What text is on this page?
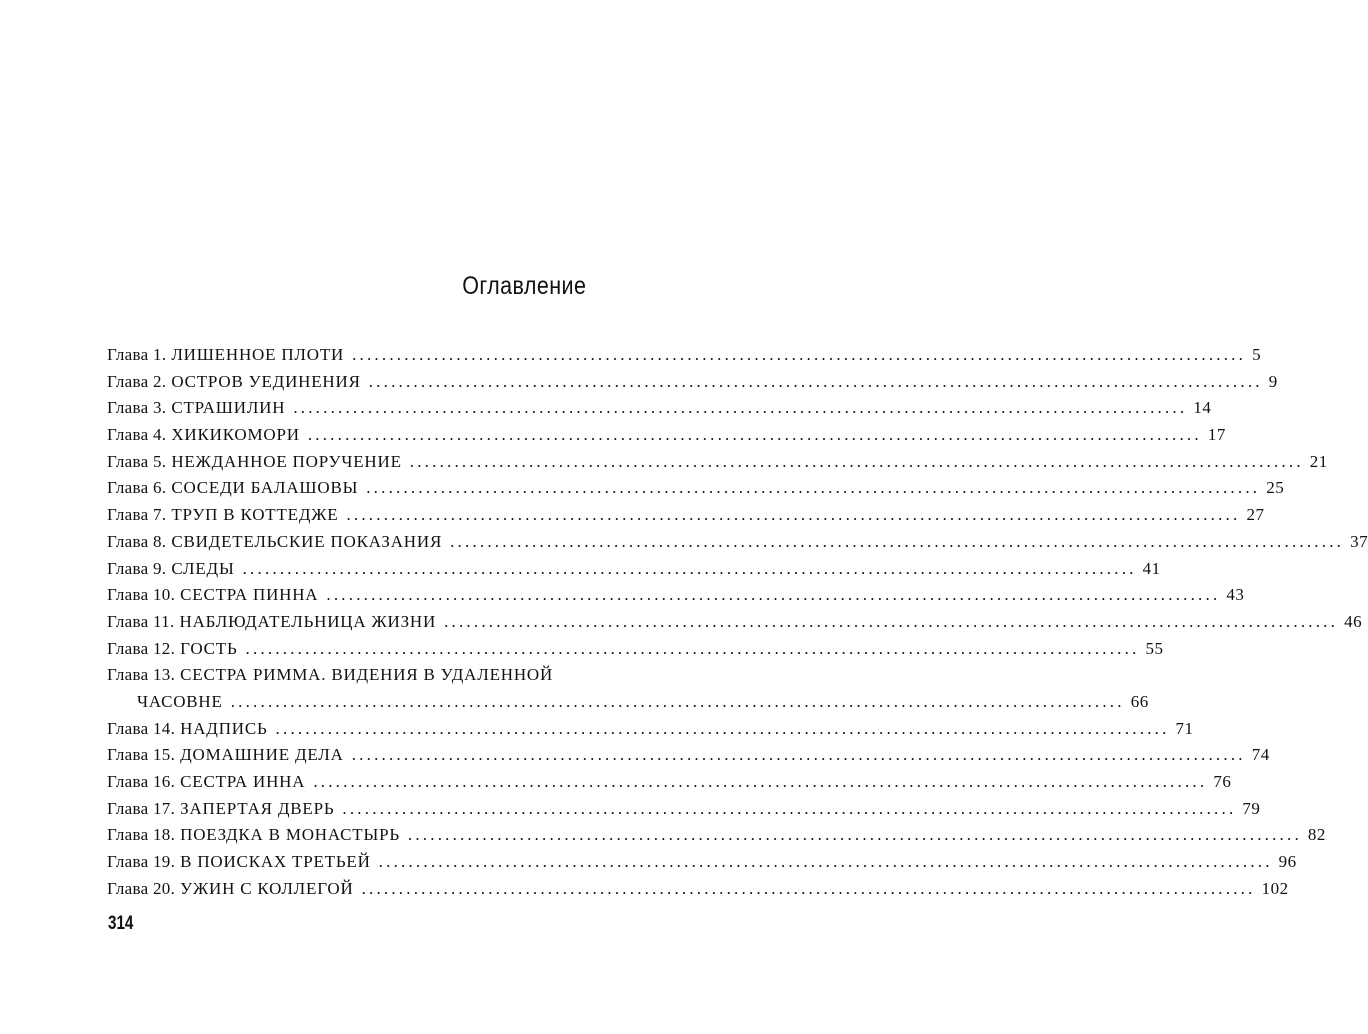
Оглавление
Глава 1. ЛИШЕННОЕ ПЛОТИ ........................................................................................................................ 5
Глава 2. ОСТРОВ УЕДИНЕНИЯ ........................................................................................................................ 9
Глава 3. СТРАШИЛИН ........................................................................................................................ 14
Глава 4. ХИКИКОМОРИ ........................................................................................................................ 17
Глава 5. НЕЖДАННОЕ ПОРУЧЕНИЕ ........................................................................................................................ 21
Глава 6. СОСЕДИ БАЛАШОВЫ ........................................................................................................................ 25
Глава 7. ТРУП В КОТТЕДЖЕ ........................................................................................................................ 27
Глава 8. СВИДЕТЕЛЬСКИЕ ПОКАЗАНИЯ ........................................................................................................................ 37
Глава 9. СЛЕДЫ ........................................................................................................................ 41
Глава 10. СЕСТРА ПИННА ........................................................................................................................ 43
Глава 11. НАБЛЮДАТЕЛЬНИЦА ЖИЗНИ ........................................................................................................................ 46
Глава 12. ГОСТЬ ........................................................................................................................ 55
Глава 13. СЕСТРА РИММА. ВИДЕНИЯ В УДАЛЕННОЙ
ЧАСОВНЕ ........................................................................................................................ 66
Глава 14. НАДПИСЬ ........................................................................................................................ 71
Глава 15. ДОМАШНИЕ ДЕЛА ........................................................................................................................ 74
Глава 16. СЕСТРА ИННА ........................................................................................................................ 76
Глава 17. ЗАПЕРТАЯ ДВЕРЬ ........................................................................................................................ 79
Глава 18. ПОЕЗДКА В МОНАСТЫРЬ ........................................................................................................................ 82
Глава 19. В ПОИСКАХ ТРЕТЬЕЙ ........................................................................................................................ 96
Глава 20. УЖИН С КОЛЛЕГОЙ ........................................................................................................................ 102
314
